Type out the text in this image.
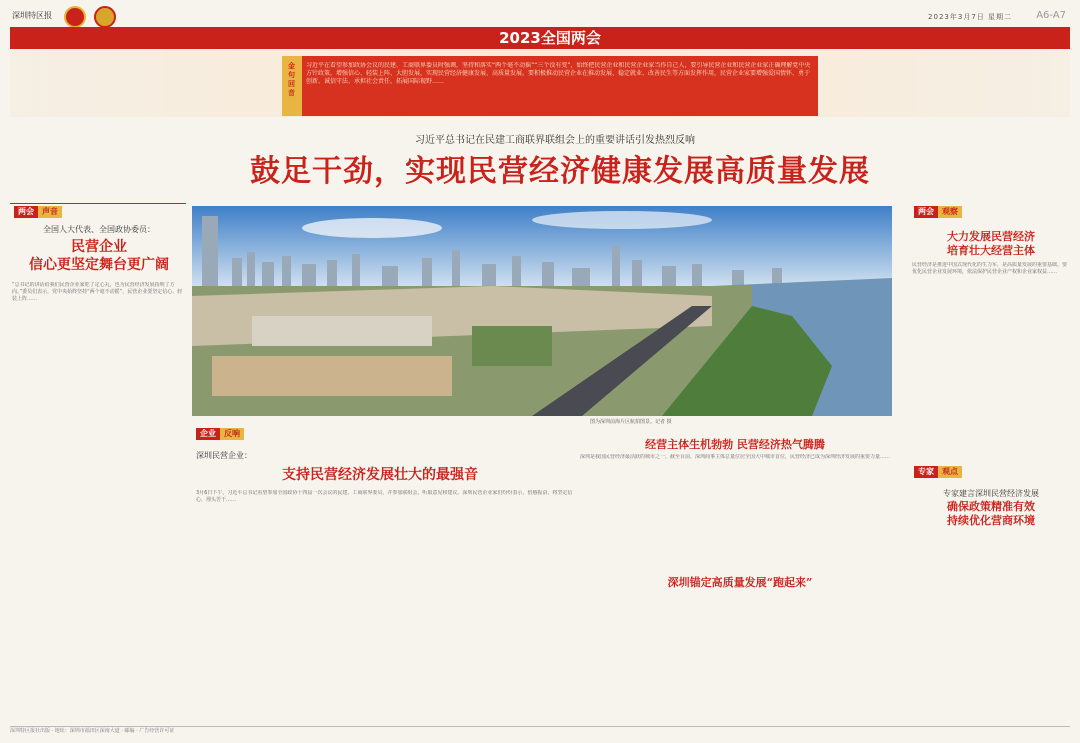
深圳特区报	2023年3月7日 星期二 A6-A7
2023全国两会
金句回音
习近平在看望参加政协会议的民建、工商联界委员时强调，坚持和落实“两个毫不动摇”“三个没有变”，始终把民营企业和民营企业家当作自己人，要引导民营企业和民营企业家正确理解党中央方针政策，增强信心、轻装上阵、大胆发展，实现民营经济健康发展、高质量发展。要积极推动民营企业在推动发展、稳定就业、改善民生等方面发挥作用，民营企业家要增强爱国情怀、勇于创新、诚信守法、承担社会责任、拓展国际视野……
习近平总书记在民建工商联界联组会上的重要讲话引发热烈反响
鼓足干劲，实现民营经济健康发展高质量发展
图为深圳前海片区航拍图景。记者 摄
两会 声音
全国人大代表、全国政协委员：
民营企业
信心更坚定舞台更广阔
“总书记的讲话给我们民营企业家吃了定心丸，也为民营经济发展指明了方向。”委员们表示，党中央始终坚持“两个毫不动摇”，民营企业要坚定信心、轻装上阵……
企业 反响
深圳民营企业：
支持民营经济发展壮大的最强音
3月6日下午，习近平总书记看望参加全国政协十四届一次会议的民建、工商联界委员，并参加联组会，听取意见和建议。深圳民营企业家们纷纷表示，倍感振奋，将坚定信心，埋头苦干……
经营主体生机勃勃 民营经济热气腾腾
深圳是我国民营经济最活跃的城市之一。截至目前，深圳商事主体总量位居全国大中城市首位，民营经济已成为深圳经济发展的重要力量……
深圳锚定高质量发展“跑起来”
两会 观察
大力发展民营经济
培育壮大经营主体
民营经济是推进中国式现代化的生力军，是高质量发展的重要基础。要优化民营企业发展环境，依法保护民营企业产权和企业家权益……
专家 观点
专家建言深圳民营经济发展
确保政策精准有效
持续优化营商环境
深圳特区报社出版 · 地址：深圳市福田区深南大道 · 邮编 · 广告经营许可证
